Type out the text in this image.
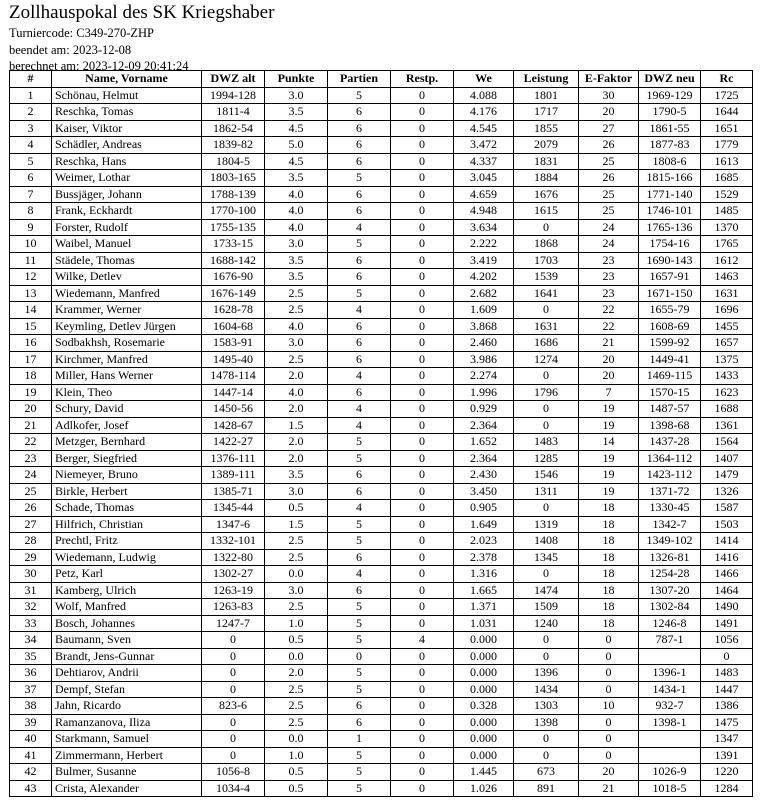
Zollhauspokal des SK Kriegshaber
Turniercode: C349-270-ZHP
beendet am: 2023-12-08
berechnet am: 2023-12-09 20:41:24
#	Name, Vorname	DWZ alt	Punkte	Partien	Restp.	We	Leistung	E-Faktor	DWZ neu	Rc
1	Schönau, Helmut	1994-128	3.0	5	0	4.088	1801	30	1969-129	1725
2	Reschka, Tomas	1811-4	3.5	6	0	4.176	1717	20	1790-5	1644
3	Kaiser, Viktor	1862-54	4.5	6	0	4.545	1855	27	1861-55	1651
4	Schädler, Andreas	1839-82	5.0	6	0	3.472	2079	26	1877-83	1779
5	Reschka, Hans	1804-5	4.5	6	0	4.337	1831	25	1808-6	1613
6	Weimer, Lothar	1803-165	3.5	5	0	3.045	1884	26	1815-166	1685
7	Bussjäger, Johann	1788-139	4.0	6	0	4.659	1676	25	1771-140	1529
8	Frank, Eckhardt	1770-100	4.0	6	0	4.948	1615	25	1746-101	1485
9	Forster, Rudolf	1755-135	4.0	4	0	3.634	0	24	1765-136	1370
10	Waibel, Manuel	1733-15	3.0	5	0	2.222	1868	24	1754-16	1765
11	Städele, Thomas	1688-142	3.5	6	0	3.419	1703	23	1690-143	1612
12	Wilke, Detlev	1676-90	3.5	6	0	4.202	1539	23	1657-91	1463
13	Wiedemann, Manfred	1676-149	2.5	5	0	2.682	1641	23	1671-150	1631
14	Krammer, Werner	1628-78	2.5	4	0	1.609	0	22	1655-79	1696
15	Keymling, Detlev Jürgen	1604-68	4.0	6	0	3.868	1631	22	1608-69	1455
16	Sodbakhsh, Rosemarie	1583-91	3.0	6	0	2.460	1686	21	1599-92	1657
17	Kirchmer, Manfred	1495-40	2.5	6	0	3.986	1274	20	1449-41	1375
18	Miller, Hans Werner	1478-114	2.0	4	0	2.274	0	20	1469-115	1433
19	Klein, Theo	1447-14	4.0	6	0	1.996	1796	7	1570-15	1623
20	Schury, David	1450-56	2.0	4	0	0.929	0	19	1487-57	1688
21	Adlkofer, Josef	1428-67	1.5	4	0	2.364	0	19	1398-68	1361
22	Metzger, Bernhard	1422-27	2.0	5	0	1.652	1483	14	1437-28	1564
23	Berger, Siegfried	1376-111	2.0	5	0	2.364	1285	19	1364-112	1407
24	Niemeyer, Bruno	1389-111	3.5	6	0	2.430	1546	19	1423-112	1479
25	Birkle, Herbert	1385-71	3.0	6	0	3.450	1311	19	1371-72	1326
26	Schade, Thomas	1345-44	0.5	4	0	0.905	0	18	1330-45	1587
27	Hilfrich, Christian	1347-6	1.5	5	0	1.649	1319	18	1342-7	1503
28	Prechtl, Fritz	1332-101	2.5	5	0	2.023	1408	18	1349-102	1414
29	Wiedemann, Ludwig	1322-80	2.5	6	0	2.378	1345	18	1326-81	1416
30	Petz, Karl	1302-27	0.0	4	0	1.316	0	18	1254-28	1466
31	Kamberg, Ulrich	1263-19	3.0	6	0	1.665	1474	18	1307-20	1464
32	Wolf, Manfred	1263-83	2.5	5	0	1.371	1509	18	1302-84	1490
33	Bosch, Johannes	1247-7	1.0	5	0	1.031	1240	18	1246-8	1491
34	Baumann, Sven	0	0.5	5	4	0.000	0	0	787-1	1056
35	Brandt, Jens-Gunnar	0	0.0	0	0	0.000	0	0		0
36	Dehtiarov, Andrii	0	2.0	5	0	0.000	1396	0	1396-1	1483
37	Dempf, Stefan	0	2.5	5	0	0.000	1434	0	1434-1	1447
38	Jahn, Ricardo	823-6	2.5	6	0	0.328	1303	10	932-7	1386
39	Ramanzanova, Iliza	0	2.5	6	0	0.000	1398	0	1398-1	1475
40	Starkmann, Samuel	0	0.0	1	0	0.000	0	0		1347
41	Zimmermann, Herbert	0	1.0	5	0	0.000	0	0		1391
42	Bulmer, Susanne	1056-8	0.5	5	0	1.445	673	20	1026-9	1220
43	Crista, Alexander	1034-4	0.5	5	0	1.026	891	21	1018-5	1284
